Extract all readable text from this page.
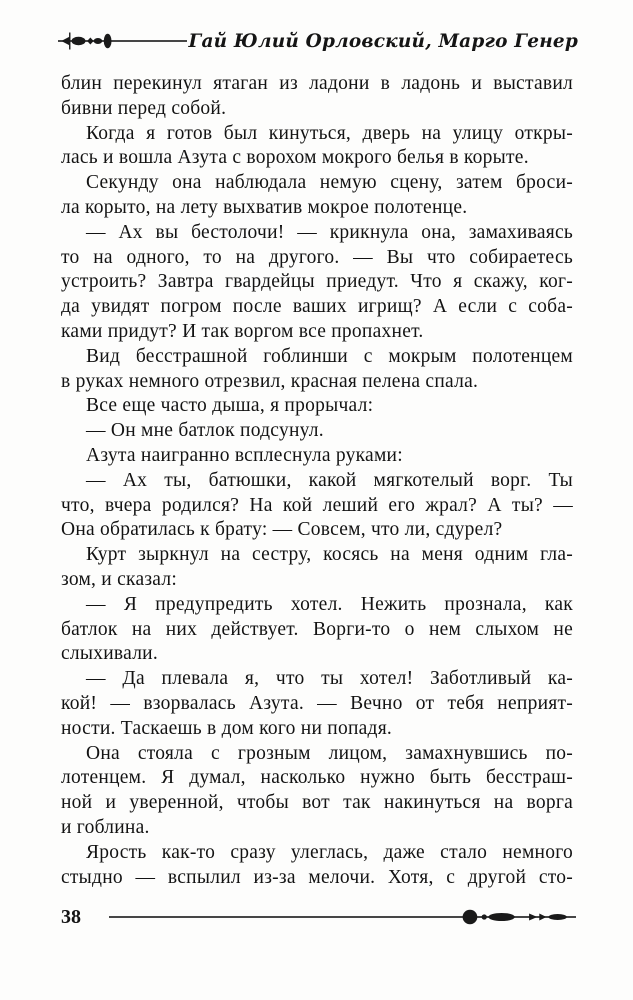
Гай Юлий Орловский, Марго Генер
блин перекинул ятаган из ладони в ладонь и выставил
бивни перед собой.
Когда я готов был кинуться, дверь на улицу откры-
лась и вошла Азута с ворохом мокрого белья в корыте.
Секунду она наблюдала немую сцену, затем броси-
ла корыто, на лету выхватив мокрое полотенце.
— Ах вы бестолочи! — крикнула она, замахиваясь
то на одного, то на другого. — Вы что собираетесь
устроить? Завтра гвардейцы приедут. Что я скажу, ког-
да увидят погром после ваших игрищ? А если с соба-
ками придут? И так воргом все пропахнет.
Вид бесстрашной гоблинши с мокрым полотенцем
в руках немного отрезвил, красная пелена спала.
Все еще часто дыша, я прорычал:
— Он мне батлок подсунул.
Азута наигранно всплеснула руками:
— Ах ты, батюшки, какой мягкотелый ворг. Ты
что, вчера родился? На кой леший его жрал? А ты? —
Она обратилась к брату: — Совсем, что ли, сдурел?
Курт зыркнул на сестру, косясь на меня одним гла-
зом, и сказал:
— Я предупредить хотел. Нежить прознала, как
батлок на них действует. Ворги-то о нем слыхом не
слыхивали.
— Да плевала я, что ты хотел! Заботливый ка-
кой! — взорвалась Азута. — Вечно от тебя неприят-
ности. Таскаешь в дом кого ни попадя.
Она стояла с грозным лицом, замахнувшись по-
лотенцем. Я думал, насколько нужно быть бесстраш-
ной и уверенной, чтобы вот так накинуться на ворга
и гоблина.
Ярость как-то сразу улеглась, даже стало немного
стыдно — вспылил из-за мелочи. Хотя, с другой сто-
38
